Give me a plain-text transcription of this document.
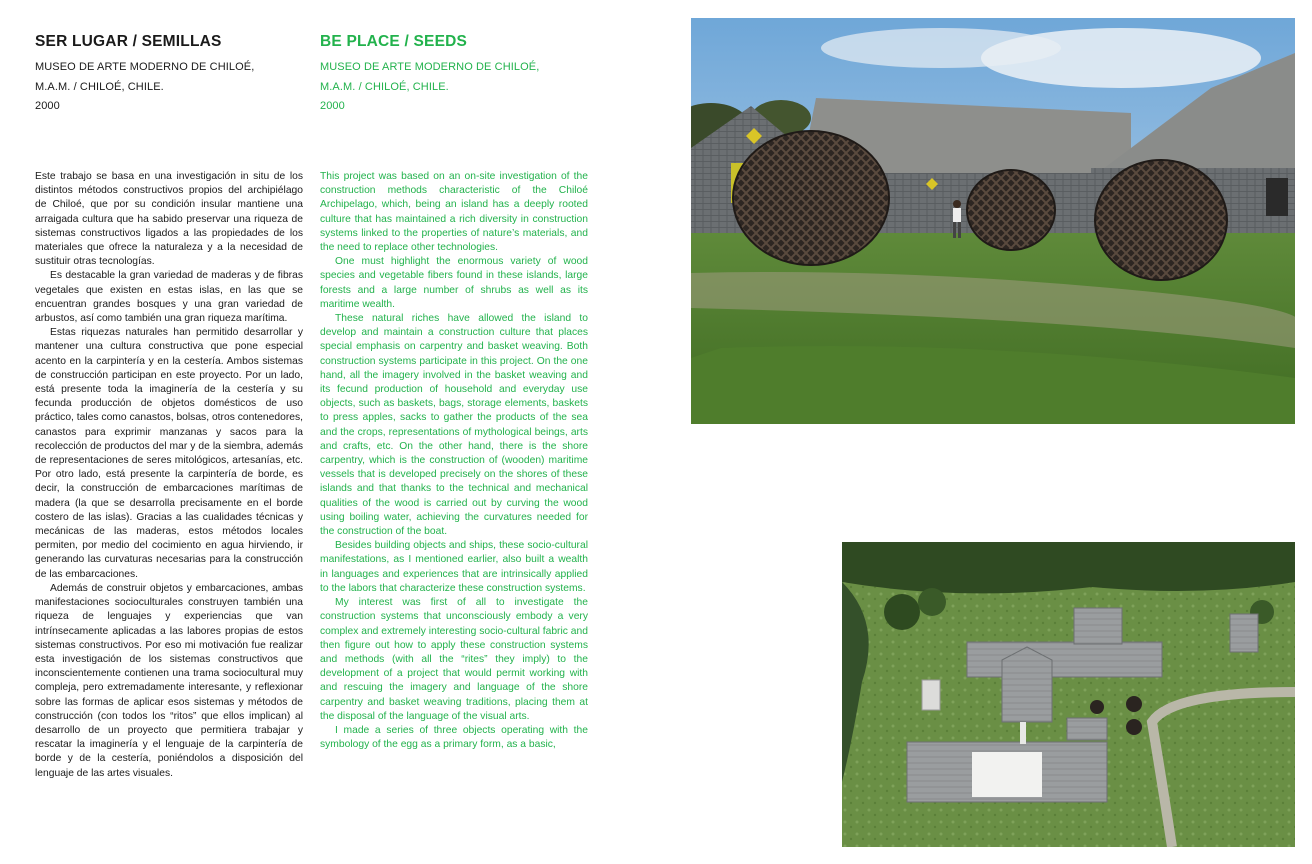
SER LUGAR / SEMILLAS

MUSEO DE ARTE MODERNO DE CHILOÉ,

M.A.M. / CHILOÉ, CHILE.

2000

Este trabajo se basa en una investigación in situ de los distintos métodos constructivos propios del archipiélago de Chiloé, que por su condición insular mantiene una arraigada cultura que ha sabido preservar una riqueza de sistemas constructivos ligados a las propiedades de los materiales que ofrece la naturaleza y a la necesidad de sustituir otras tecnologías.

Es destacable la gran variedad de maderas y de fibras vegetales que existen en estas islas, en las que se encuentran grandes bosques y una gran variedad de arbustos, así como también una gran riqueza marítima.

Estas riquezas naturales han permitido desarrollar y mantener una cultura constructiva que pone especial acento en la carpintería y en la cestería. Ambos sistemas de construcción participan en este proyecto. Por un lado, está presente toda la imaginería de la cestería y su fecunda producción de objetos domésticos de uso práctico, tales como canastos, bolsas, otros contenedores, canastos para exprimir manzanas y sacos para la recolección de productos del mar y de la siembra, además de representaciones de seres mitológicos, artesanías, etc. Por otro lado, está presente la carpintería de borde, es decir, la construcción de embarcaciones marítimas de madera (la que se desarrolla precisamente en el borde costero de las islas). Gracias a las cualidades técnicas y mecánicas de las maderas, estos métodos locales permiten, por medio del cocimiento en agua hirviendo, ir generando las curvaturas necesarias para la construcción de las embarcaciones.

Además de construir objetos y embarcaciones, ambas manifestaciones socioculturales construyen también una riqueza de lenguajes y experiencias que van intrínsecamente aplicadas a las labores propias de estos sistemas constructivos. Por eso mi motivación fue realizar esta investigación de los sistemas constructivos que inconscientemente contienen una trama sociocultural muy compleja, pero extremadamente interesante, y reflexionar sobre las formas de aplicar esos sistemas y métodos de construcción (con todos los “ritos” que ellos implican) al desarrollo de un proyecto que permitiera trabajar y rescatar la imaginería y el lenguaje de la carpintería de borde y de la cestería, poniéndolos a disposición del lenguaje de las artes visuales.

BE PLACE / SEEDS

MUSEO DE ARTE MODERNO DE CHILOÉ,

M.A.M. / CHILOÉ, CHILE.

2000

This project was based on an on-site investigation of the construction methods characteristic of the Chiloé Archipelago, which, being an island has a deeply rooted culture that has maintained a rich diversity in construction systems linked to the properties of nature’s materials, and the need to replace other technologies.

One must highlight the enormous variety of wood species and vegetable fibers found in these islands, large forests and a large number of shrubs as well as its maritime wealth.

These natural riches have allowed the island to develop and maintain a construction culture that places special emphasis on carpentry and basket weaving. Both construction systems participate in this project. On the one hand, all the imagery involved in the basket weaving and its fecund production of household and everyday use objects, such as baskets, bags, storage elements, baskets to press apples, sacks to gather the products of the sea and the crops, representations of mythological beings, arts and crafts, etc. On the other hand, there is the shore carpentry, which is the construction of (wooden) maritime vessels that is developed precisely on the shores of these islands and that thanks to the technical and mechanical qualities of the wood is carried out by curving the wood using boiling water, achieving the curvatures needed for the construction of the boat.

Besides building objects and ships, these socio-cultural manifestations, as I mentioned earlier, also built a wealth in languages and experiences that are intrinsically applied to the labors that characterize these construction systems.

My interest was first of all to investigate the construction systems that unconsciously embody a very complex and extremely interesting socio-cultural fabric and then figure out how to apply these construction systems and methods (with all the “rites” they imply) to the development of a project that would permit working with and rescuing the imagery and language of the shore carpentry and basket weaving traditions, placing them at the disposal of the language of the visual arts.

I made a series of three objects operating with the symbology of the egg as a primary form, as a basic,
